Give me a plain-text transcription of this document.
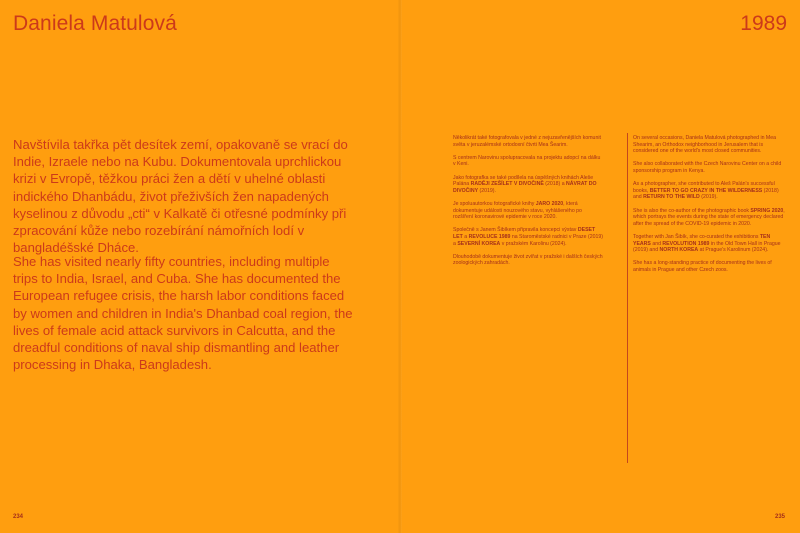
Daniela Matulová

Navštívila takřka pět desítek zemí, opakovaně se vrací do Indie, Izraele nebo na Kubu. Dokumentovala uprchlickou krizi v Evropě, těžkou práci žen a dětí v uhelné oblasti indického Dhanbádu, život přeživších žen napadených kyselinou z důvodu „cti“ v Kalkatě či otřesné podmínky při zpracování kůže nebo rozebírání námořních lodí v bangladéšské Dháce.

She has visited nearly fifty countries, including multiple trips to India, Israel, and Cuba. She has documented the European refugee crisis, the harsh labor conditions faced by women and children in India's Dhanbad coal region, the lives of female acid attack survivors in Calcutta, and the dreadful conditions of naval ship dismantling and leather processing in Dhaka, Bangladesh.

234
1989

Několikrát také fotografovala v jedné z nejuzavřenějších komunit světa v jeruzalémské ortodoxní čtvrti Mea Šearim.

S centrem Narovinu spolupracovala na projektu adopcí na dálku v Keni.

Jako fotografka se také podílela na úspěšných knihách Aleše Palána RADĚJI ZEŠÍLET V DIVOČINĚ (2018) a NÁVRAT DO DIVOČINY (2019).

Je spoluautorkou fotografické knihy JARO 2020, která dokumentuje události nouzového stavu, vyhlášeného po rozšíření koronavirové epidemie v roce 2020.

Společně s Janem Šibíkem připravila koncepci výstav DESET LET a REVOLUCE 1989 na Staroměstské radnici v Praze (2019) a SEVERNÍ KOREA v pražském Karolinu (2024).

Dlouhodobě dokumentuje život zvířat v pražské i dalších českých zoologických zahradách.

On several occasions, Daniela Matulová photographed in Mea Shearim, an Orthodox neighborhood in Jerusalem that is considered one of the world's most closed communities.

She also collaborated with the Czech Narovinu Center on a child sponsorship program in Kenya.

As a photographer, she contributed to Aleš Palán's successful books, BETTER TO GO CRAZY IN THE WILDERNESS (2018) and RETURN TO THE WILD (2019).

She is also the co-author of the photographic book SPRING 2020, which portrays the events during the state of emergency declared after the spread of the COVID-19 epidemic in 2020.

Together with Jan Šibík, she co-curated the exhibitions TEN YEARS and REVOLUTION 1989 in the Old Town Hall in Prague (2019) and NORTH KOREA at Prague's Karolinum (2024).

She has a long-standing practice of documenting the lives of animals in Prague and other Czech zoos.

235
